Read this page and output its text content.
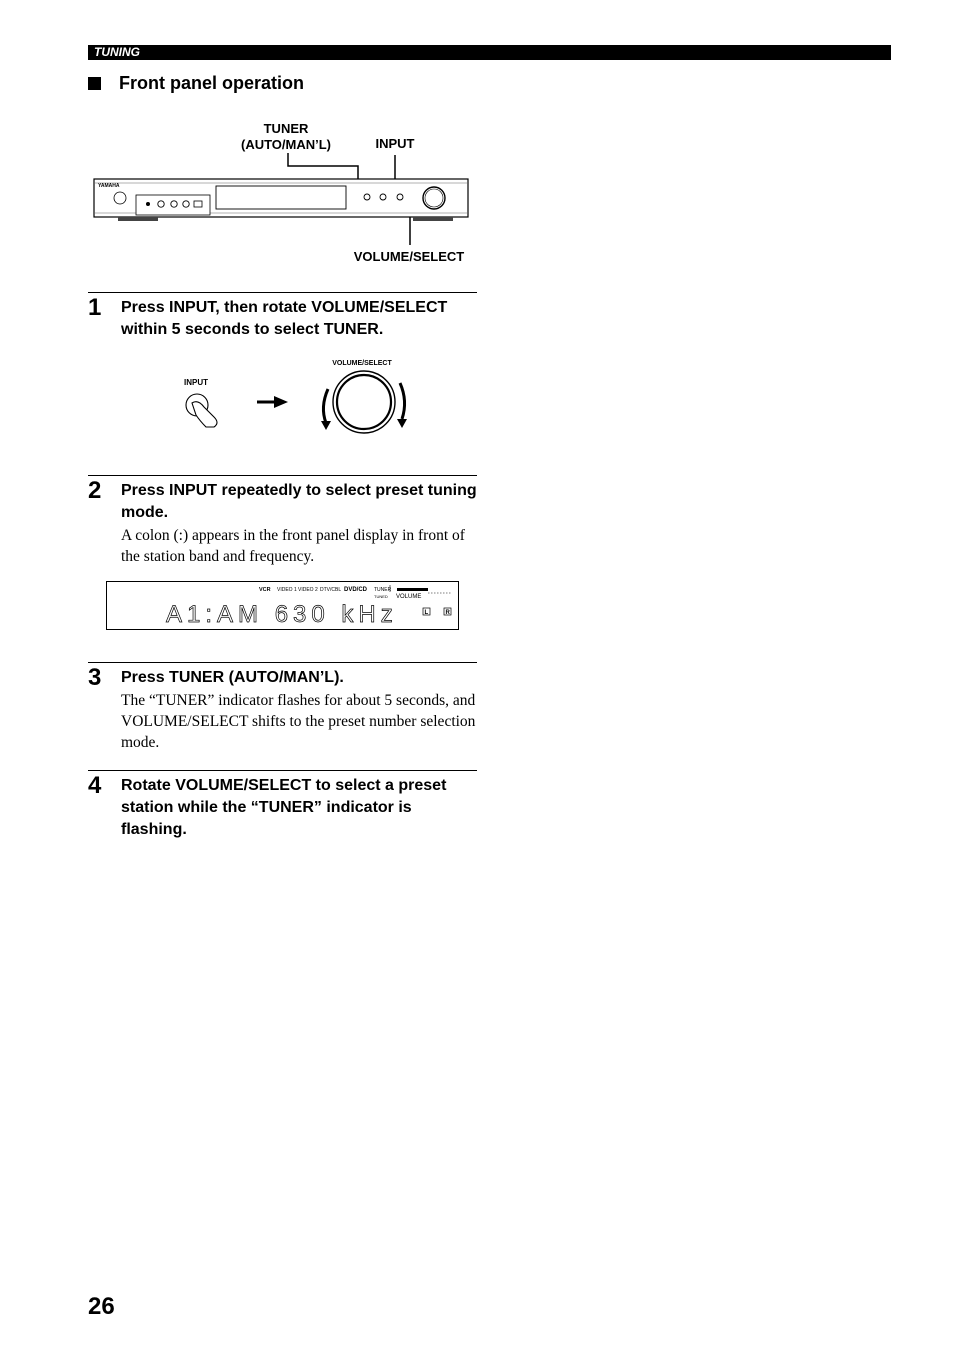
TUNING
Front panel operation
TUNER
(AUTO/MAN’L)	INPUT
VOLUME/SELECT
YAMAHA
1 Press INPUT, then rotate VOLUME/SELECT within 5 seconds to select TUNER.
INPUT
VOLUME/SELECT
2 Press INPUT repeatedly to select preset tuning mode.
A colon (:) appears in the front panel display in front of the station band and frequency.
VCR VIDEO 1 VIDEO 2 DTV/CBL DVD/CD TUNER
TUNED VOLUME
A1:AM 630 kHz	L	R
3 Press TUNER (AUTO/MAN’L).
The “TUNER” indicator flashes for about 5 seconds, and VOLUME/SELECT shifts to the preset number selection mode.
4 Rotate VOLUME/SELECT to select a preset station while the “TUNER” indicator is flashing.
26
